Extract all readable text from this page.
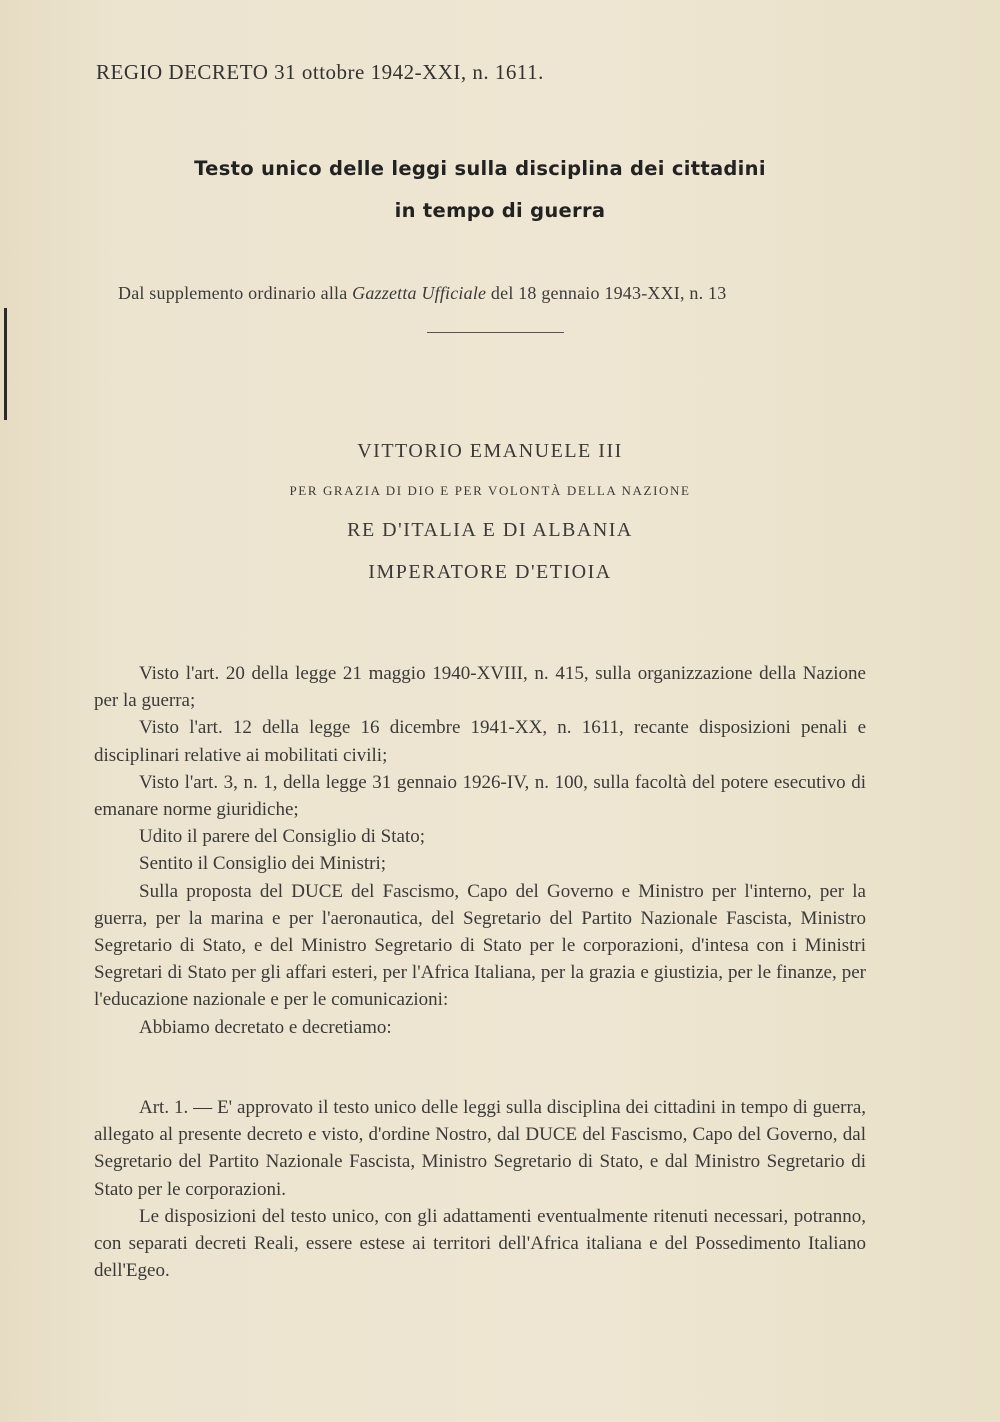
REGIO DECRETO 31 ottobre 1942-XXI, n. 1611.
Testo unico delle leggi sulla disciplina dei cittadini
in tempo di guerra
Dal supplemento ordinario alla Gazzetta Ufficiale del 18 gennaio 1943-XXI, n. 13
VITTORIO EMANUELE III
PER GRAZIA DI DIO E PER VOLONTÀ DELLA NAZIONE
RE D'ITALIA E DI ALBANIA
IMPERATORE D'ETIOIA

Visto l'art. 20 della legge 21 maggio 1940-XVIII, n. 415, sulla organizzazione della Nazione per la guerra;

Visto l'art. 12 della legge 16 dicembre 1941-XX, n. 1611, recante disposizioni penali e disciplinari relative ai mobilitati civili;

Visto l'art. 3, n. 1, della legge 31 gennaio 1926-IV, n. 100, sulla facoltà del potere esecutivo di emanare norme giuridiche;

Udito il parere del Consiglio di Stato;

Sentito il Consiglio dei Ministri;

Sulla proposta del DUCE del Fascismo, Capo del Governo e Ministro per l'interno, per la guerra, per la marina e per l'aeronautica, del Segretario del Partito Nazionale Fascista, Ministro Segretario di Stato, e del Ministro Segretario di Stato per le corporazioni, d'intesa con i Ministri Segretari di Stato per gli affari esteri, per l'Africa Italiana, per la grazia e giustizia, per le finanze, per l'educazione nazionale e per le comunicazioni:

Abbiamo decretato e decretiamo:

Art. 1. — E' approvato il testo unico delle leggi sulla disciplina dei cittadini in tempo di guerra, allegato al presente decreto e visto, d'ordine Nostro, dal DUCE del Fascismo, Capo del Governo, dal Segretario del Partito Nazionale Fascista, Ministro Segretario di Stato, e dal Ministro Segretario di Stato per le corporazioni.

Le disposizioni del testo unico, con gli adattamenti eventualmente ritenuti necessari, potranno, con separati decreti Reali, essere estese ai territori dell'Africa italiana e del Possedimento Italiano dell'Egeo.
